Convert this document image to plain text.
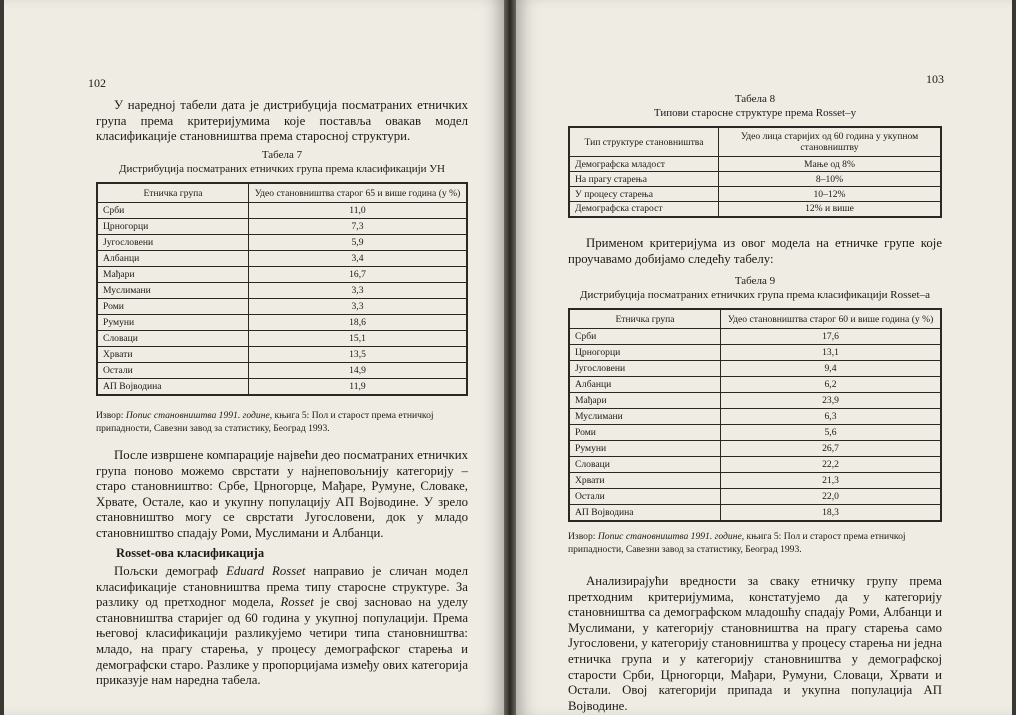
102

У наредној табели дата је дистрибуција посматраних етничких група према критеријумима које поставља овакав модел класификације становништва према старосној структури.

Табела 7
Дистрибуција посматраних етничких група према класификацији УН
Етничка група	Удео становништва старог 65 и више година (у %)
Срби	11,0
Црногорци	7,3
Југословени	5,9
Албанци	3,4
Мађари	16,7
Муслимани	3,3
Роми	3,3
Румуни	18,6
Словаци	15,1
Хрвати	13,5
Остали	14,9
АП Војводина	11,9

Извор: Попис становништва 1991. године, књига 5: Пол и старост према етничкој припадности, Савезни завод за статистику, Београд 1993.

После извршене компарације највећи део посматраних етничких група поново можемо сврстати у најнеповољнију категорију – старо становништво: Србе, Црногорце, Мађаре, Румуне, Словаке, Хрвате, Остале, као и укупну популацију АП Војводине. У зрело становништво могу се сврстати Југословени, док у младо становништво спадају Роми, Муслимани и Албанци.

Rosset-ова класификација

Пољски демограф Eduard Rosset направио је сличан модел класификације становништва према типу старосне структуре. За разлику од претходног модела, Rosset је свој засновао на уделу становништва старијег од 60 година у укупној популацији. Према његовој класификацији разликујемо четири типа становништва: младо, на прагу старења, у процесу демографског старења и демографски старо. Разлике у пропорцијама између ових категорија приказује нам наредна табела.

103
Табела 8
Типови старосне структуре према Rosset–у
Тип структуре становништва	Удео лица старијих од 60 година у укупном становништву
Демографска младост	Мање од 8%
На прагу старења	8–10%
У процесу старења	10–12%
Демографска старост	12% и више

Применом критеријума из овог модела на етничке групе које проучавамо добијамо следећу табелу:

Табела 9
Дистрибуција посматраних етничких група према класификацији Rosset–а
Етничка група	Удео становништва старог 60 и више година (у %)
Срби	17,6
Црногорци	13,1
Југословени	9,4
Албанци	6,2
Мађари	23,9
Муслимани	6,3
Роми	5,6
Румуни	26,7
Словаци	22,2
Хрвати	21,3
Остали	22,0
АП Војводина	18,3

Извор: Попис становништва 1991. године, књига 5: Пол и старост према етничкој припадности, Савезни завод за статистику, Београд 1993.

Анализирајући вредности за сваку етничку групу према претходним критеријумима, констатујемо да у категорију становништва са демографском младошћу спадају Роми, Албанци и Муслимани, у категорију становништва на прагу старења само Југословени, у категорију становништва у процесу старења ни једна етничка група и у категорију становништва у демографској старости Срби, Црногорци, Мађари, Румуни, Словаци, Хрвати и Остали. Овој категорији припада и укупна популација АП Војводине.
